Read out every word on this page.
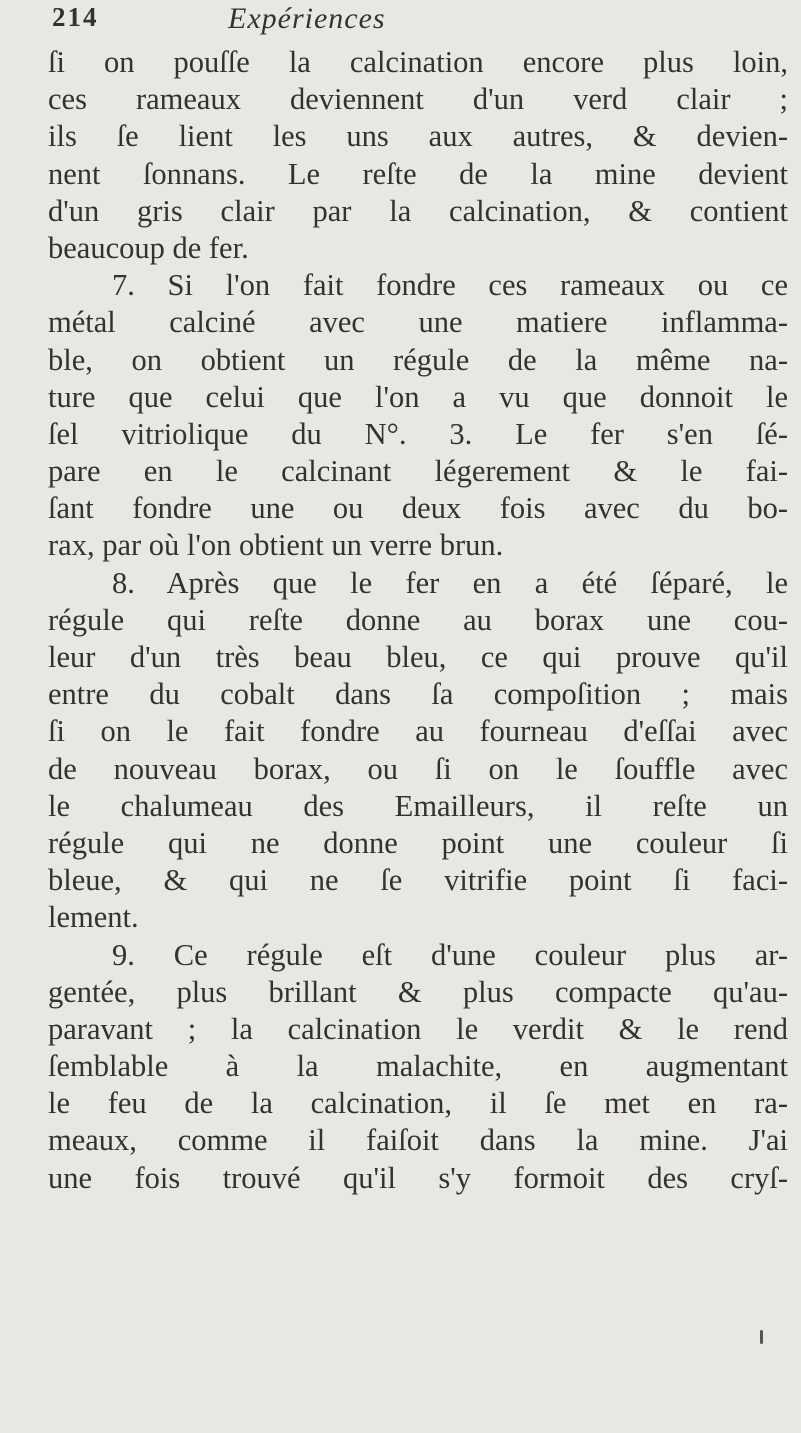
214	Expériences
ſi on pouſſe la calcination encore plus loin,
ces rameaux deviennent d'un verd clair ;
ils ſe lient les uns aux autres, & devien-
nent ſonnans. Le reſte de la mine devient
d'un gris clair par la calcination, & contient
beaucoup de fer.
7. Si l'on fait fondre ces rameaux ou ce
métal calciné avec une matiere inflamma-
ble, on obtient un régule de la même na-
ture que celui que l'on a vu que donnoit le
ſel vitriolique du N°. 3. Le fer s'en ſé-
pare en le calcinant légerement & le fai-
ſant fondre une ou deux fois avec du bo-
rax, par où l'on obtient un verre brun.
8. Après que le fer en a été ſéparé, le
régule qui reſte donne au borax une cou-
leur d'un très beau bleu, ce qui prouve qu'il
entre du cobalt dans ſa compoſition ; mais
ſi on le fait fondre au fourneau d'eſſai avec
de nouveau borax, ou ſi on le ſouffle avec
le chalumeau des Emailleurs, il reſte un
régule qui ne donne point une couleur ſi
bleue, & qui ne ſe vitrifie point ſi faci-
lement.
9. Ce régule eſt d'une couleur plus ar-
gentée, plus brillant & plus compacte qu'au-
paravant ; la calcination le verdit & le rend
ſemblable à la malachite, en augmentant
le feu de la calcination, il ſe met en ra-
meaux, comme il faiſoit dans la mine. J'ai
une fois trouvé qu'il s'y formoit des cryſ-
